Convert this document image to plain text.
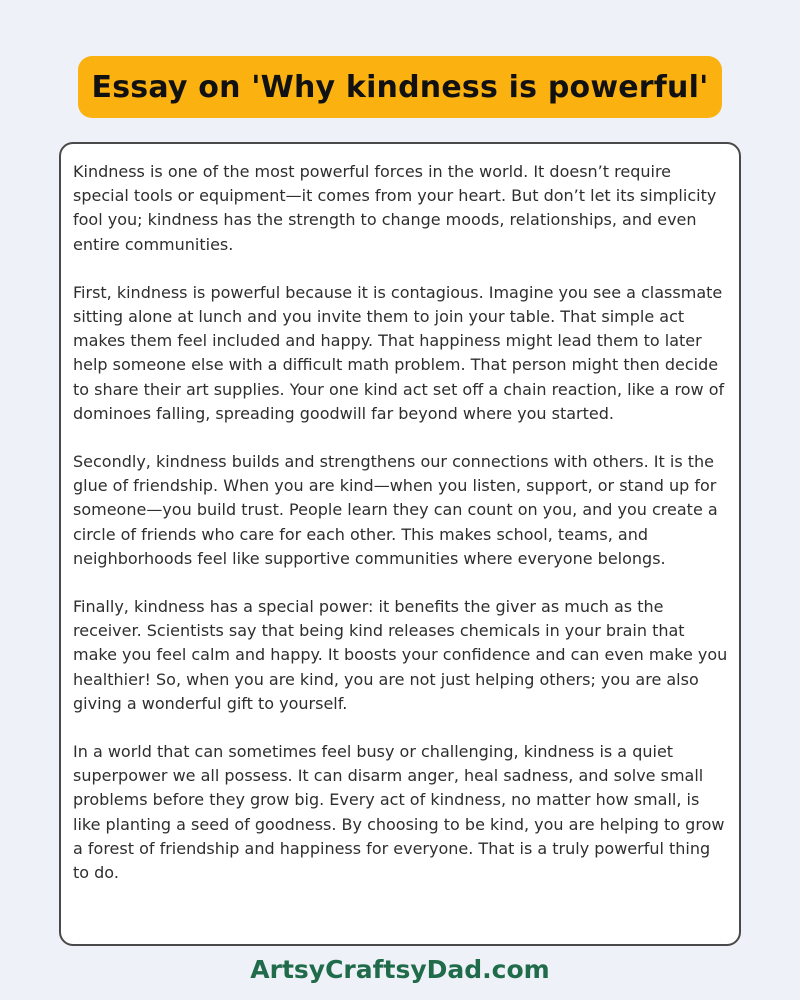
Essay on 'Why kindness is powerful'

Kindness is one of the most powerful forces in the world. It doesn’t require special tools or equipment—it comes from your heart. But don’t let its simplicity fool you; kindness has the strength to change moods, relationships, and even entire communities.

First, kindness is powerful because it is contagious. Imagine you see a classmate sitting alone at lunch and you invite them to join your table. That simple act makes them feel included and happy. That happiness might lead them to later help someone else with a difficult math problem. That person might then decide to share their art supplies. Your one kind act set off a chain reaction, like a row of dominoes falling, spreading goodwill far beyond where you started.

Secondly, kindness builds and strengthens our connections with others. It is the glue of friendship. When you are kind—when you listen, support, or stand up for someone—you build trust. People learn they can count on you, and you create a circle of friends who care for each other. This makes school, teams, and neighborhoods feel like supportive communities where everyone belongs.

Finally, kindness has a special power: it benefits the giver as much as the receiver. Scientists say that being kind releases chemicals in your brain that make you feel calm and happy. It boosts your confidence and can even make you healthier! So, when you are kind, you are not just helping others; you are also giving a wonderful gift to yourself.

In a world that can sometimes feel busy or challenging, kindness is a quiet superpower we all possess. It can disarm anger, heal sadness, and solve small problems before they grow big. Every act of kindness, no matter how small, is like planting a seed of goodness. By choosing to be kind, you are helping to grow a forest of friendship and happiness for everyone. That is a truly powerful thing to do.

ArtsyCraftsyDad.com
